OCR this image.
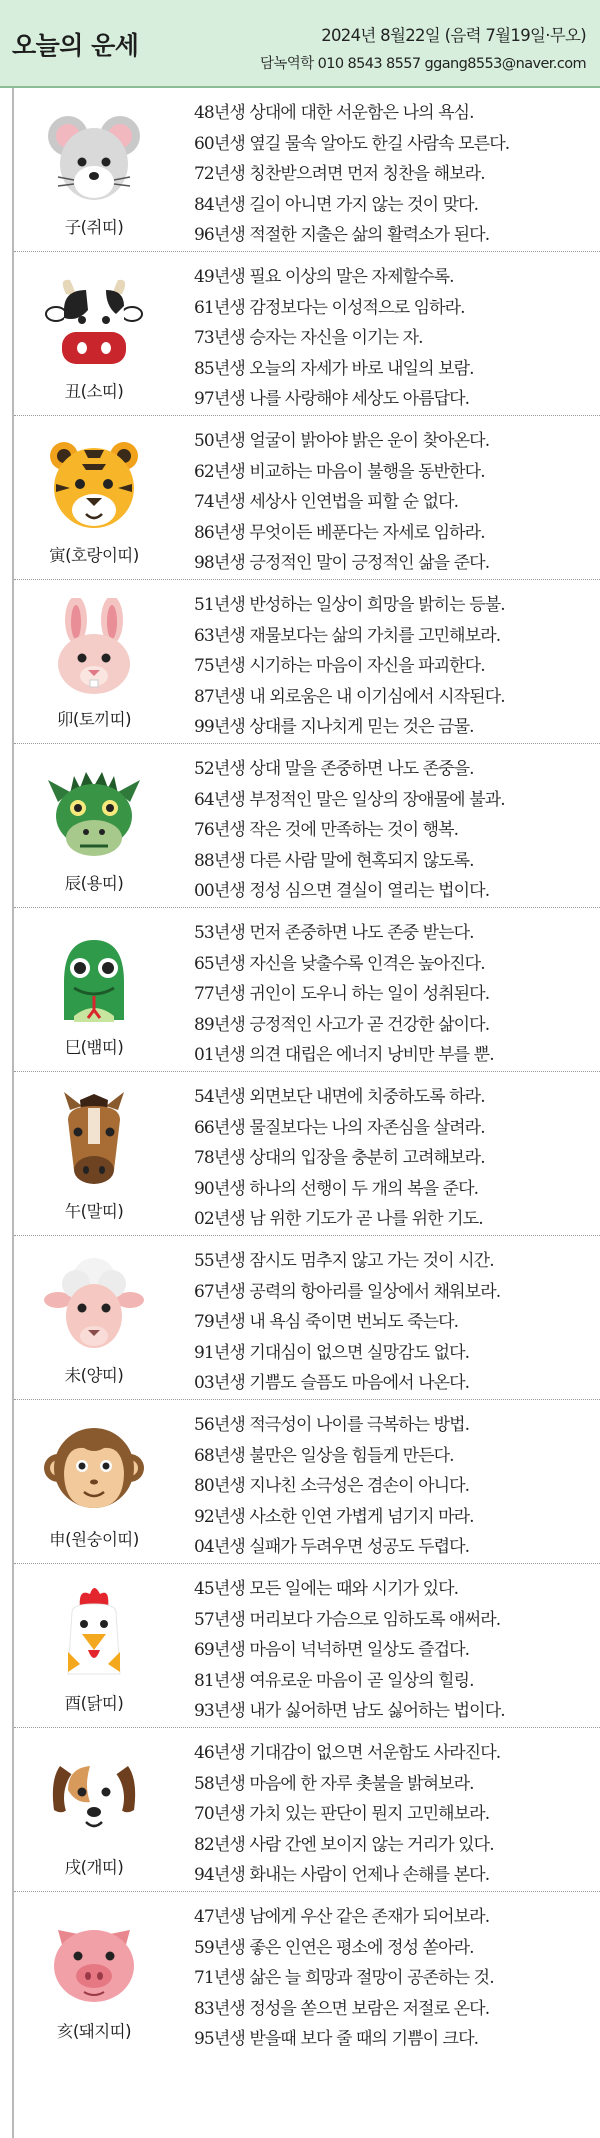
오늘의 운세	2024년 8월22일 (음력 7월19일·무오)
담녹역학 010 8543 8557 ggang8553@naver.com
子(쥐띠)
48년생 상대에 대한 서운함은 나의 욕심.
60년생 옆길 물속 알아도 한길 사람속 모른다.
72년생 칭찬받으려면 먼저 칭찬을 해보라.
84년생 길이 아니면 가지 않는 것이 맞다.
96년생 적절한 지출은 삶의 활력소가 된다.
丑(소띠)
49년생 필요 이상의 말은 자제할수록.
61년생 감정보다는 이성적으로 임하라.
73년생 승자는 자신을 이기는 자.
85년생 오늘의 자세가 바로 내일의 보람.
97년생 나를 사랑해야 세상도 아름답다.
寅(호랑이띠)
50년생 얼굴이 밝아야 밝은 운이 찾아온다.
62년생 비교하는 마음이 불행을 동반한다.
74년생 세상사 인연법을 피할 순 없다.
86년생 무엇이든 베푼다는 자세로 임하라.
98년생 긍정적인 말이 긍정적인 삶을 준다.
卯(토끼띠)
51년생 반성하는 일상이 희망을 밝히는 등불.
63년생 재물보다는 삶의 가치를 고민해보라.
75년생 시기하는 마음이 자신을 파괴한다.
87년생 내 외로움은 내 이기심에서 시작된다.
99년생 상대를 지나치게 믿는 것은 금물.
辰(용띠)
52년생 상대 말을 존중하면 나도 존중을.
64년생 부정적인 말은 일상의 장애물에 불과.
76년생 작은 것에 만족하는 것이 행복.
88년생 다른 사람 말에 현혹되지 않도록.
00년생 정성 심으면 결실이 열리는 법이다.
巳(뱀띠)
53년생 먼저 존중하면 나도 존중 받는다.
65년생 자신을 낮출수록 인격은 높아진다.
77년생 귀인이 도우니 하는 일이 성취된다.
89년생 긍정적인 사고가 곧 건강한 삶이다.
01년생 의견 대립은 에너지 낭비만 부를 뿐.
午(말띠)
54년생 외면보단 내면에 치중하도록 하라.
66년생 물질보다는 나의 자존심을 살려라.
78년생 상대의 입장을 충분히 고려해보라.
90년생 하나의 선행이 두 개의 복을 준다.
02년생 남 위한 기도가 곧 나를 위한 기도.
未(양띠)
55년생 잠시도 멈추지 않고 가는 것이 시간.
67년생 공력의 항아리를 일상에서 채워보라.
79년생 내 욕심 죽이면 번뇌도 죽는다.
91년생 기대심이 없으면 실망감도 없다.
03년생 기쁨도 슬픔도 마음에서 나온다.
申(원숭이띠)
56년생 적극성이 나이를 극복하는 방법.
68년생 불만은 일상을 힘들게 만든다.
80년생 지나친 소극성은 겸손이 아니다.
92년생 사소한 인연 가볍게 넘기지 마라.
04년생 실패가 두려우면 성공도 두렵다.
酉(닭띠)
45년생 모든 일에는 때와 시기가 있다.
57년생 머리보다 가슴으로 임하도록 애써라.
69년생 마음이 넉넉하면 일상도 즐겁다.
81년생 여유로운 마음이 곧 일상의 힐링.
93년생 내가 싫어하면 남도 싫어하는 법이다.
戌(개띠)
46년생 기대감이 없으면 서운함도 사라진다.
58년생 마음에 한 자루 촛불을 밝혀보라.
70년생 가치 있는 판단이 뭔지 고민해보라.
82년생 사람 간엔 보이지 않는 거리가 있다.
94년생 화내는 사람이 언제나 손해를 본다.
亥(돼지띠)
47년생 남에게 우산 같은 존재가 되어보라.
59년생 좋은 인연은 평소에 정성 쏟아라.
71년생 삶은 늘 희망과 절망이 공존하는 것.
83년생 정성을 쏟으면 보람은 저절로 온다.
95년생 받을때 보다 줄 때의 기쁨이 크다.
